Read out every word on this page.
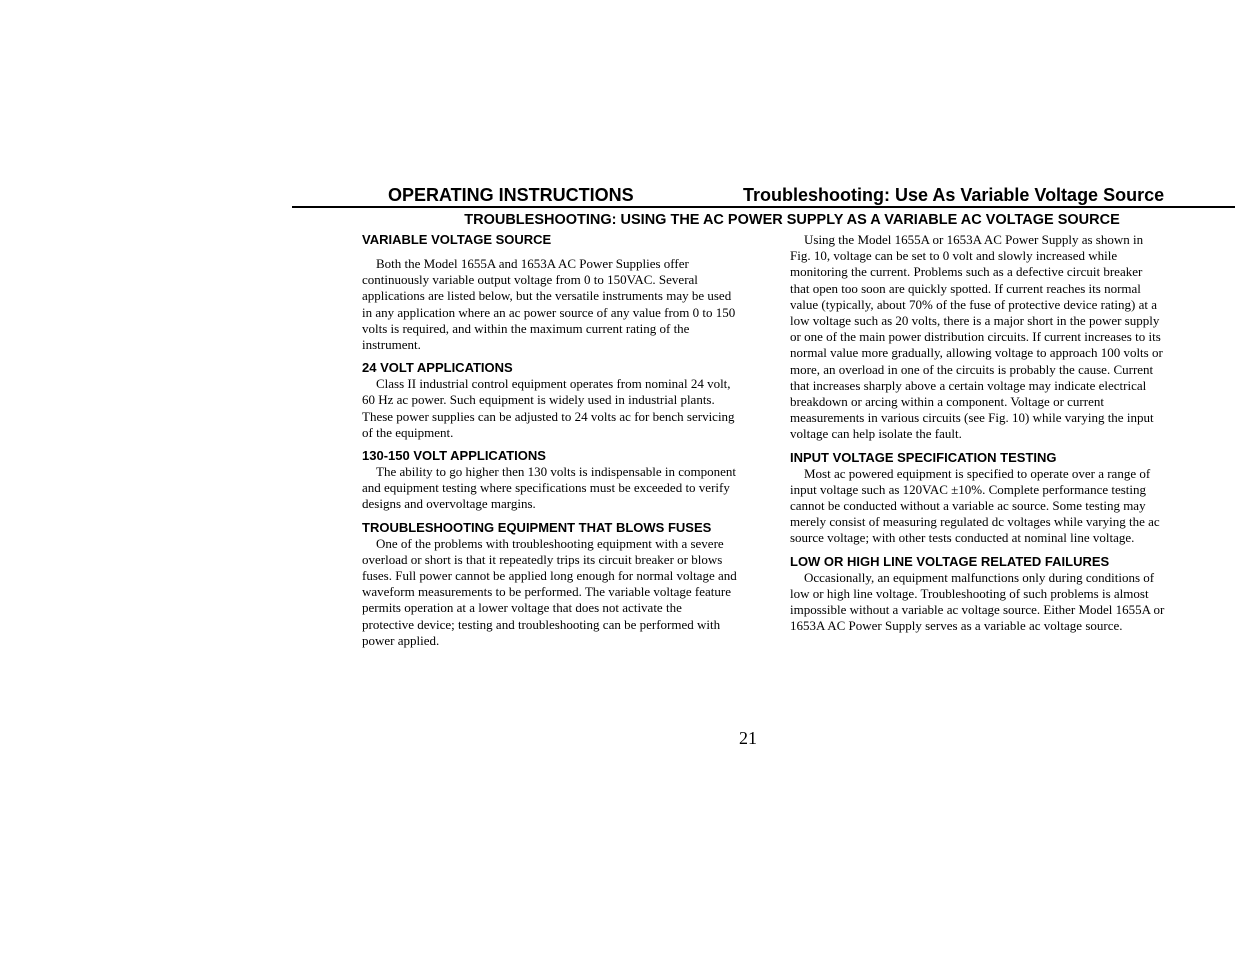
OPERATING INSTRUCTIONS	Troubleshooting: Use As Variable Voltage Source
TROUBLESHOOTING: USING THE AC POWER SUPPLY AS A VARIABLE AC VOLTAGE SOURCE
VARIABLE VOLTAGE SOURCE

Both the Model 1655A and 1653A AC Power Supplies offer continuously variable output voltage from 0 to 150VAC. Several applications are listed below, but the versatile instruments may be used in any application where an ac power source of any value from 0 to 150 volts is required, and within the maximum current rating of the instrument.

24 VOLT APPLICATIONS

Class II industrial control equipment operates from nominal 24 volt, 60 Hz ac power. Such equipment is widely used in industrial plants. These power supplies can be adjusted to 24 volts ac for bench servicing of the equipment.

130-150 VOLT APPLICATIONS

The ability to go higher then 130 volts is indispensable in component and equipment testing where specifications must be exceeded to verify designs and overvoltage margins.

TROUBLESHOOTING EQUIPMENT THAT BLOWS FUSES

One of the problems with troubleshooting equipment with a severe overload or short is that it repeatedly trips its circuit breaker or blows fuses. Full power cannot be applied long enough for normal voltage and waveform measurements to be performed. The variable voltage feature permits operation at a lower voltage that does not activate the protective device; testing and troubleshooting can be performed with power applied.

Using the Model 1655A or 1653A AC Power Supply as shown in Fig. 10, voltage can be set to 0 volt and slowly increased while monitoring the current. Problems such as a defective circuit breaker that open too soon are quickly spotted. If current reaches its normal value (typically, about 70% of the fuse of protective device rating) at a low voltage such as 20 volts, there is a major short in the power supply or one of the main power distribution circuits. If current increases to its normal value more gradually, allowing voltage to approach 100 volts or more, an overload in one of the circuits is probably the cause. Current that increases sharply above a certain voltage may indicate electrical breakdown or arcing within a component. Voltage or current measurements in various circuits (see Fig. 10) while varying the input voltage can help isolate the fault.

INPUT VOLTAGE SPECIFICATION TESTING

Most ac powered equipment is specified to operate over a range of input voltage such as 120VAC ±10%. Complete performance testing cannot be conducted without a variable ac source. Some testing may merely consist of measuring regulated dc voltages while varying the ac source voltage; with other tests conducted at nominal line voltage.

LOW OR HIGH LINE VOLTAGE RELATED FAILURES

Occasionally, an equipment malfunctions only during conditions of low or high line voltage. Troubleshooting of such problems is almost impossible without a variable ac voltage source. Either Model 1655A or 1653A AC Power Supply serves as a variable ac voltage source.

21
